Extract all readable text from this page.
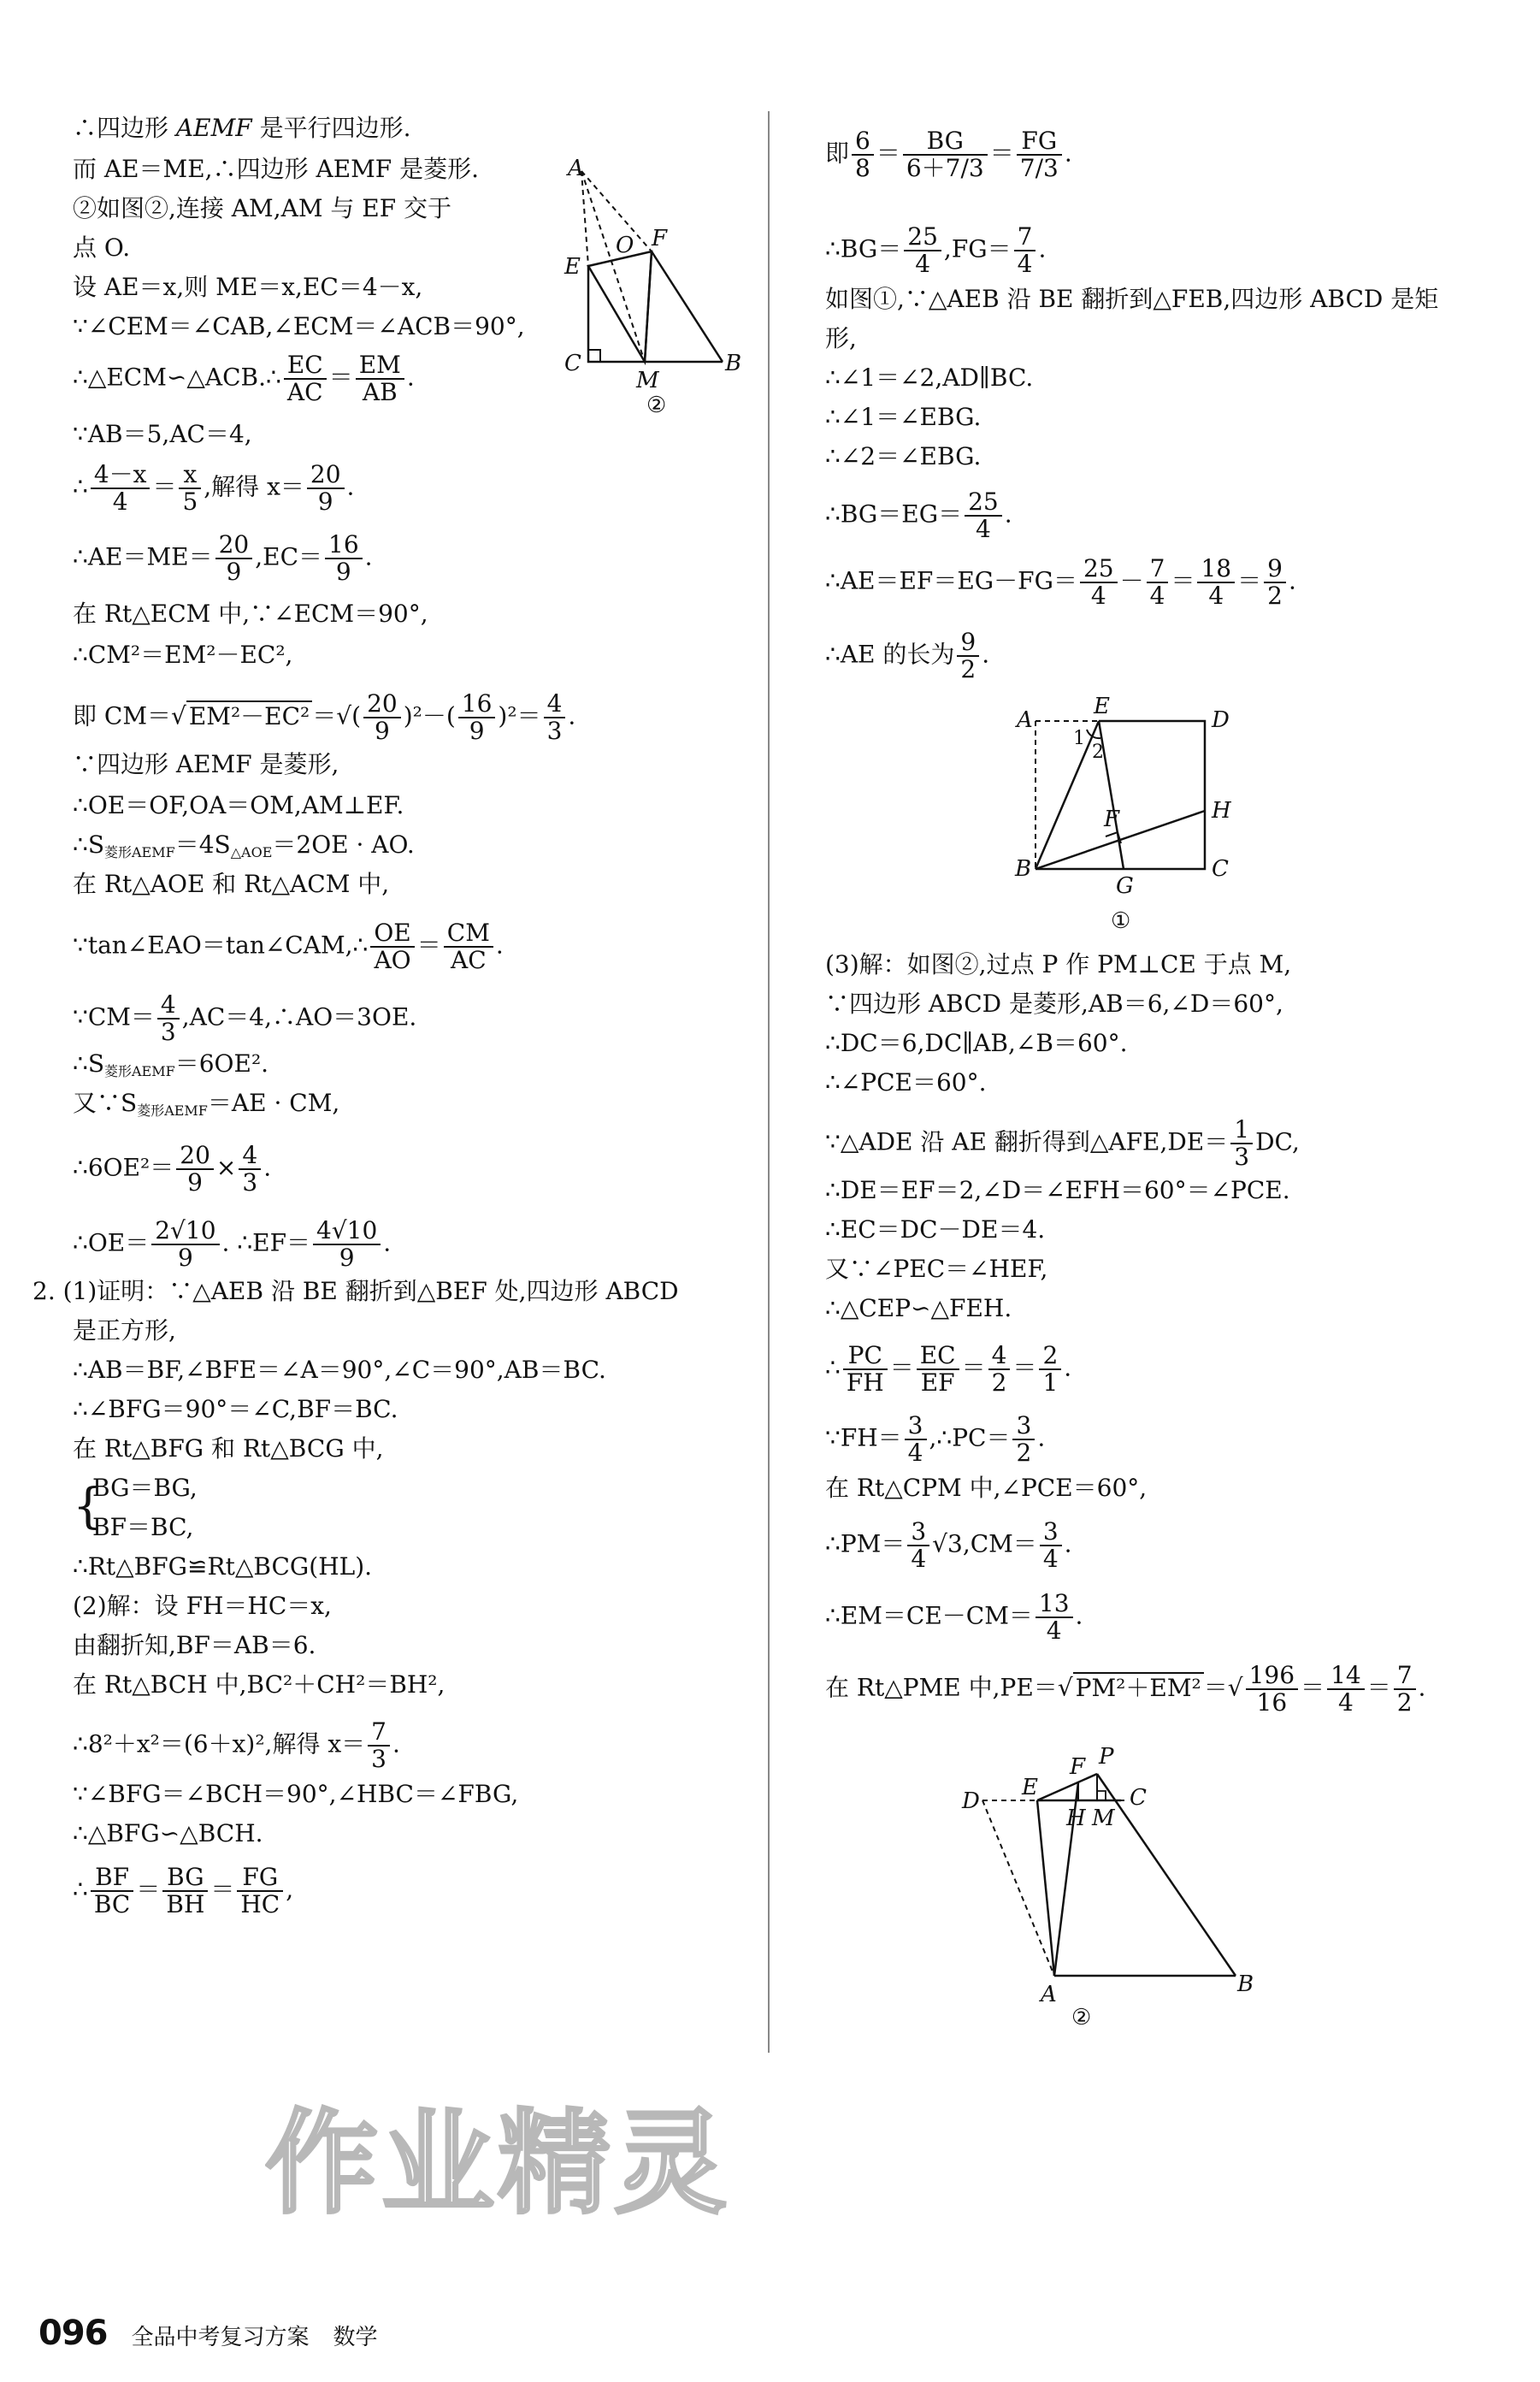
∴四边形 AEMF 是平行四边形.
而 AE＝ME,∴四边形 AEMF 是菱形.
②如图②,连接 AM,AM 与 EF 交于
点 O.
设 AE＝x,则 ME＝x,EC＝4－x,
∵∠CEM＝∠CAB,∠ECM＝∠ACB＝90°,
∴△ECM∽△ACB.∴ $\frac{EC}{AC} = \frac{EM}{AB}$ .
∵AB＝5,AC＝4,
∴ $\frac{4-x}{4} = \frac{x}{5}$ ,解得 $x= \frac{20}{9}$ .
∴AE＝ME＝ $\frac{20}{9} ,EC= \frac{16}{9}$ .
在 Rt△ECM 中,∵∠ECM＝90°,
∴CM²＝EM²－EC²,
即 CM＝√ EM²－EC² ＝√( $\frac{20}{9} )^2-( \frac{16}{9} )^2= \frac{4}{3}$ .
∵四边形 AEMF 是菱形,
∴OE＝OF,OA＝OM,AM⊥EF.
$\therefore S_{菱形AEMF}=4S_{\triangle AOE}=2OE$ · AO.
在 Rt△AOE 和 Rt△ACM 中,
∵tan∠EAO＝tan∠CAM,∴ $\frac{OE}{AO} = \frac{CM}{AC}$ .
∵CM＝ $\frac{4}{3}$ ,AC＝4,∴AO＝3OE.
$\therefore S_{菱形AEMF}=6OE^2$.
又$\because S_{菱形AEMF}=AE$ · CM,
∴6OE²＝ $\frac{20}{9} \times \frac{4}{3}$ .
∴OE＝ $\frac{2√10}{9}$ . ∴EF＝ $\frac{4√10}{9}$ .
2. (1)证明：∵△AEB 沿 BE 翻折到△BEF 处,四边形 ABCD
是正方形,
∴AB＝BF,∠BFE＝∠A＝90°,∠C＝90°,AB＝BC.
∴∠BFG＝90°＝∠C,BF＝BC.
在 Rt△BFG 和 Rt△BCG 中,
{
BG＝BG,
BF＝BC,
∴Rt△BFG≌Rt△BCG(HL).
(2)解：设 FH＝HC＝x,
由翻折知,BF＝AB＝6.
在 Rt△BCH 中,BC²＋CH²＝BH²,
∴8²＋x²＝(6＋x)²,解得 $x= \frac{7}{3}$ .
∵∠BFG＝∠BCH＝90°,∠HBC＝∠FBG,
∴△BFG∽△BCH.
∴ $\frac{BF}{BC} = \frac{BG}{BH} = \frac{FG}{HC}$ ,
A
O F
E
C
M
B
②
即 $\frac{6}{8} = \frac{BG}{6+7/3} = \frac{FG}{7/3}$ .
∴BG＝ $\frac{25}{4} ,FG= \frac{7}{4}$ .
如图①,∵△AEB 沿 BE 翻折到△FEB,四边形 ABCD 是矩
形,
∴∠1＝∠2,AD∥BC.
∴∠1＝∠EBG.
∴∠2＝∠EBG.
∴BG＝EG＝ $\frac{25}{4}$ .
∴AE＝EF＝EG－FG＝ $\frac{25}{4} - \frac{7}{4} = \frac{18}{4} = \frac{9}{2}$ .
∴AE 的长为 $\frac{9}{2}$ .
A
E
D
1
2
H
F
B
G
C
①
(3)解：如图②,过点 P 作 PM⊥CE 于点 M,
∵四边形 ABCD 是菱形,AB＝6,∠D＝60°,
∴DC＝6,DC∥AB,∠B＝60°.
∴∠PCE＝60°.
∵△ADE 沿 AE 翻折得到△AFE,DE＝ $\frac{1}{3}$ DC,
∴DE＝EF＝2,∠D＝∠EFH＝60°＝∠PCE.
∴EC＝DC－DE＝4.
又∵∠PEC＝∠HEF,
∴△CEP∽△FEH.
∴ $\frac{PC}{FH} = \frac{EC}{EF} = \frac{4}{2} = \frac{2}{1}$ .
∵FH＝ $\frac{3}{4}$ ,∴PC＝ $\frac{3}{2}$ .
在 Rt△CPM 中,∠PCE＝60°,
∴PM＝ $\frac{3}{4} √3,CM= \frac{3}{4}$ .
∴EM＝CE－CM＝ $\frac{13}{4}$ .
在 Rt△PME 中,PE＝√ PM²＋EM² ＝√ $\frac{196}{16} = \frac{14}{4} = \frac{7}{2}$ .
P
F
D
E	C
H M
A	B
②
作业精灵
096 全品中考复习方案 数学
